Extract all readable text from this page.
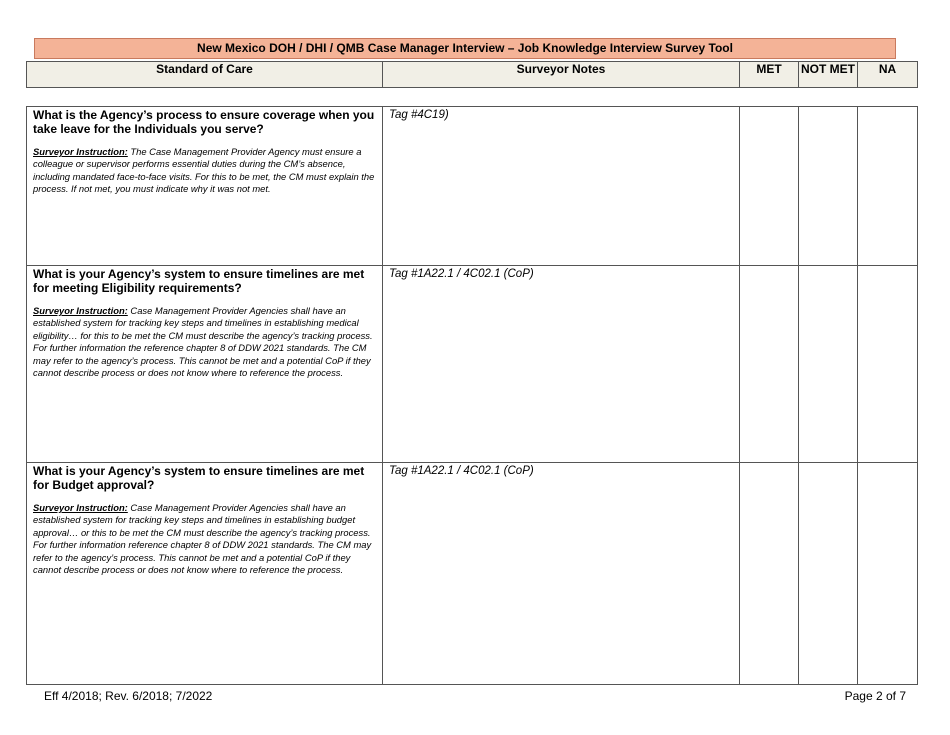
New Mexico DOH / DHI / QMB Case Manager Interview – Job Knowledge Interview Survey Tool
Standard of Care	Surveyor Notes	MET	NOT MET	NA
What is the Agency’s process to ensure coverage when you take leave for the Individuals you serve?
Surveyor Instruction: The Case Management Provider Agency must ensure a colleague or supervisor performs essential duties during the CM’s absence, including mandated face-to-face visits. For this to be met, the CM must explain the process. If not met, you must indicate why it was not met.	Tag #4C19)			

What is your Agency’s system to ensure timelines are met for meeting Eligibility requirements?
Surveyor Instruction: Case Management Provider Agencies shall have an established system for tracking key steps and timelines in establishing medical eligibility… for this to be met the CM must describe the agency’s tracking process. For further information the reference chapter 8 of DDW 2021 standards. The CM may refer to the agency’s process. This cannot be met and a potential CoP if they cannot describe process or does not know where to reference the process.	Tag #1A22.1 / 4C02.1 (CoP)			

What is your Agency’s system to ensure timelines are met for Budget approval?
Surveyor Instruction: Case Management Provider Agencies shall have an established system for tracking key steps and timelines in establishing budget approval… or this to be met the CM must describe the agency’s tracking process. For further information reference chapter 8 of DDW 2021 standards. The CM may refer to the agency’s process. This cannot be met and a potential CoP if they cannot describe process or does not know where to reference the process.	Tag #1A22.1 / 4C02.1 (CoP)			

Eff 4/2018; Rev. 6/2018; 7/2022	Page 2 of 7
